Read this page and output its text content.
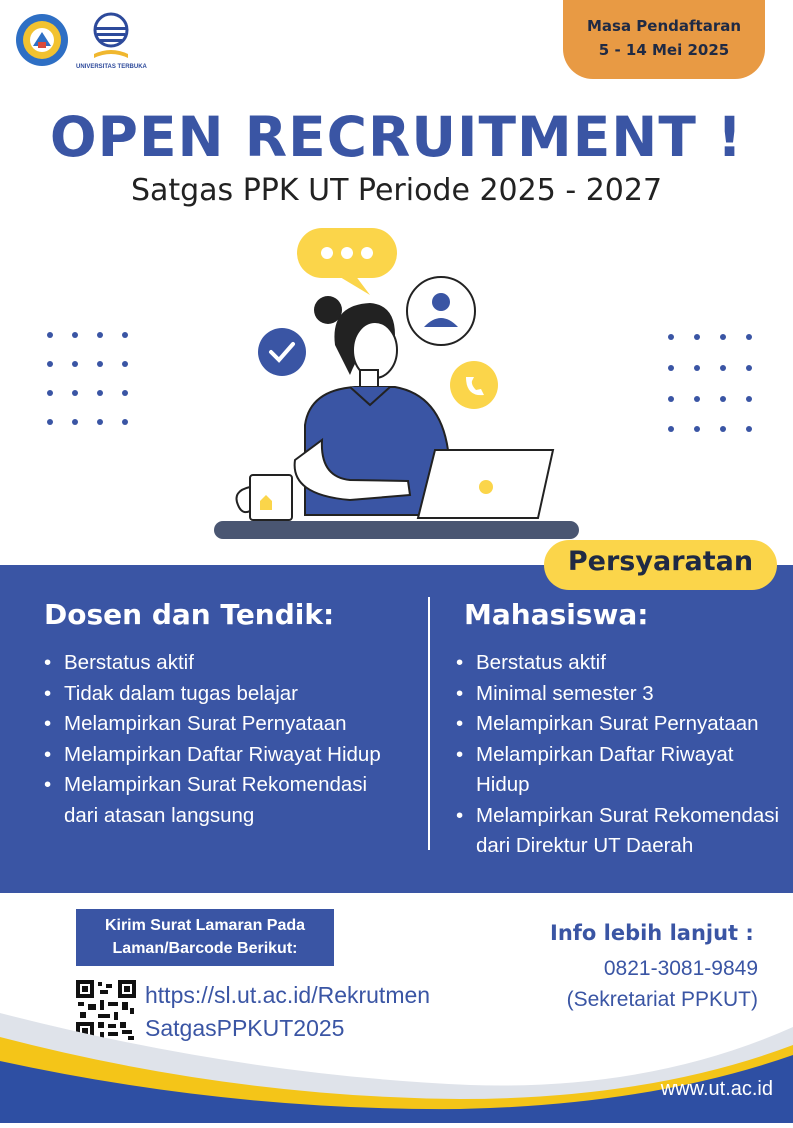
UNIVERSITAS TERBUKA
Masa Pendaftaran
5 - 14 Mei 2025
OPEN RECRUITMENT !
Satgas PPK UT Periode 2025 - 2027
Persyaratan
Dosen dan Tendik:
• Berstatus aktif
• Tidak dalam tugas belajar
• Melampirkan Surat Pernyataan
• Melampirkan Daftar Riwayat Hidup
• Melampirkan Surat Rekomendasi dari atasan langsung
Mahasiswa:
• Berstatus aktif
• Minimal semester 3
• Melampirkan Surat Pernyataan
• Melampirkan Daftar Riwayat Hidup
• Melampirkan Surat Rekomendasi dari Direktur UT Daerah
Kirim Surat Lamaran Pada
Laman/Barcode Berikut:
https://sl.ut.ac.id/Rekrutmen
SatgasPPKUT2025
Info lebih lanjut :
0821-3081-9849
(Sekretariat PPKUT)
www.ut.ac.id
